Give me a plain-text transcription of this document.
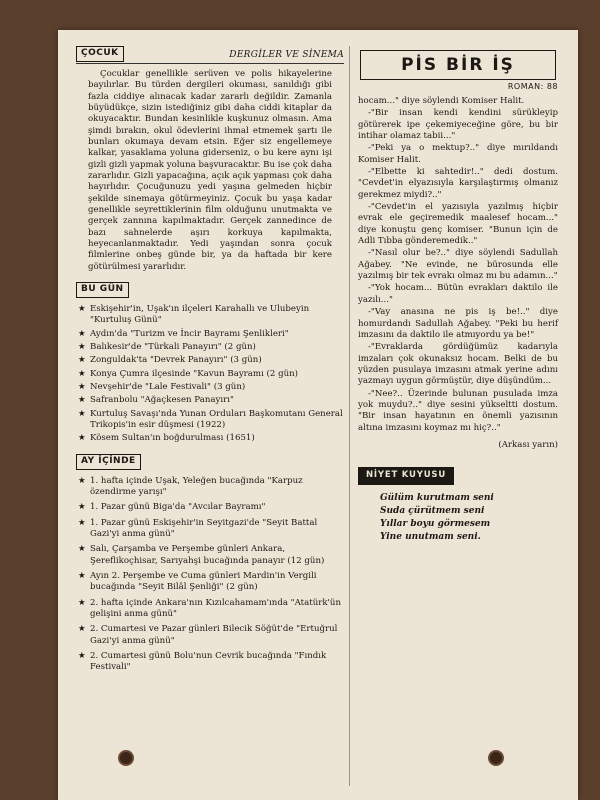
ÇOCUK	DERGİLER VE SİNEMA

Çocuklar genellikle serüven ve polis hikayelerine bayılırlar. Bu türden dergileri okuması, sanıldığı gibi fazla ciddiye alınacak kadar zararlı değildir. Zamanla büyüdükçe, sizin istediğiniz gibi daha ciddi kitaplar da okuyacaktır. Bundan kesinlikle kuşkunuz olmasın. Ama şimdi bırakın, okul ödevlerini ihmal etmemek şartı ile bunları okumaya devam etsin. Eğer siz engellemeye kalkar, yasaklama yoluna giderseniz, o bu kere aynı işi gizli gizli yapmak yoluna başvuracaktır. Bu ise çok daha zararlıdır. Gizli yapacağına, açık açık yapması çok daha hayırlıdır. Çocuğunuzu yedi yaşına gelmeden hiçbir şekilde sinemaya götürmeyiniz. Çocuk bu yaşa kadar genellikle seyrettiklerinin film olduğunu unutmakta ve gerçek zannına kapılmaktadır. Gerçek zannedince de bazı sahnelerde aşırı korkuya kapılmakta, heyecanlanmaktadır. Yedi yaşından sonra çocuk filmlerine onbeş günde bir, ya da haftada bir kere götürülmesi yararlıdır.

BU GÜN
★ Eskişehir'in, Uşak'ın ilçeleri Karahallı ve Ulubeyin "Kurtuluş Günü"
★ Aydın'da "Turizm ve İncir Bayramı Şenlikleri"
★ Balıkesir'de "Türkali Panayırı" (2 gün)
★ Zonguldak'ta "Devrek Panayırı" (3 gün)
★ Konya Çumra ilçesinde "Kavun Bayramı (2 gün)
★ Nevşehir'de "Lale Festivali" (3 gün)
★ Safranbolu "Ağaçkesen Panayırı"
★ Kurtuluş Savaşı'nda Yunan Orduları Başkomutanı General Trikopis'in esir düşmesi (1922)
★ Kösem Sultan'ın boğdurulması (1651)
AY İÇİNDE
★ 1. hafta içinde Uşak, Yeleğen bucağında "Karpuz özendirme yarışı"
★ 1. Pazar günü Biga'da "Avcılar Bayramı"
★ 1. Pazar günü Eskişehir'in Seyitgazi'de "Seyit Battal Gazi'yi anma günü"
★ Salı, Çarşamba ve Perşembe günleri Ankara, Şereflikoçhisar, Sarıyahşi bucağında panayır (12 gün)
★ Ayın 2. Perşembe ve Cuma günleri Mardin'in Vergili bucağında "Seyit Bilâl Şenliği" (2 gün)
★ 2. hafta içinde Ankara'nın Kızılcahamam'ında "Atatürk'ün gelişini anma günü"
★ 2. Cumartesi ve Pazar günleri Bilecik Söğüt'de "Ertuğrul Gazi'yi anma günü"
★ 2. Cumartesi günü Bolu'nun Cevrik bucağında "Fındık Festivali"
PİS BİR İŞ
ROMAN: 88

hocam..." diye söylendi Komiser Halit.

-"Bir insan kendi kendini sürükleyip götürerek ipe çekemiyeceğine göre, bu bir intihar olamaz tabii..."

-"Peki ya o mektup?.." diye mırıldandı Komiser Halit.

-"Elbette ki sahtedir!.." dedi dostum. "Cevdet'in elyazısıyla karşılaştırmış olmanız gerekmez miydi?.."

-"Cevdet'in el yazısıyla yazılmış hiçbir evrak ele geçiremedik maalesef hocam..." diye konuştu genç komiser. "Bunun için de Adli Tıbba gönderemedik.."

-"Nasıl olur be?.." diye söylendi Sadullah Ağabey. "Ne evinde, ne bürosunda elle yazılmış bir tek evrakı olmaz mı bu adamın..."

-"Yok hocam... Bütün evrakları daktilo ile yazılı..."

-"Vay anasına ne pis iş be!.." diye homurdandı Sadullah Ağabey. "Peki bu herif imzasını da daktilo ile atmıyordu ya be!"

-"Evraklarda gördüğümüz kadarıyla imzaları çok okunaksız hocam. Belki de bu yüzden pusulaya imzasını atmak yerine adını yazmayı uygun görmüştür, diye düşündüm...

-"Nee?.. Üzerinde bulunan pusulada imza yok muydu?.." diye sesini yükseltti dostum. "Bir insan hayatının en önemli yazısının altına imzasını koymaz mı hiç?.."

(Arkası yarın)
NİYET KUYUSU
Gülüm kurutmam seni
Suda çürütmem seni
Yıllar boyu görmesem
Yine unutmam seni.
